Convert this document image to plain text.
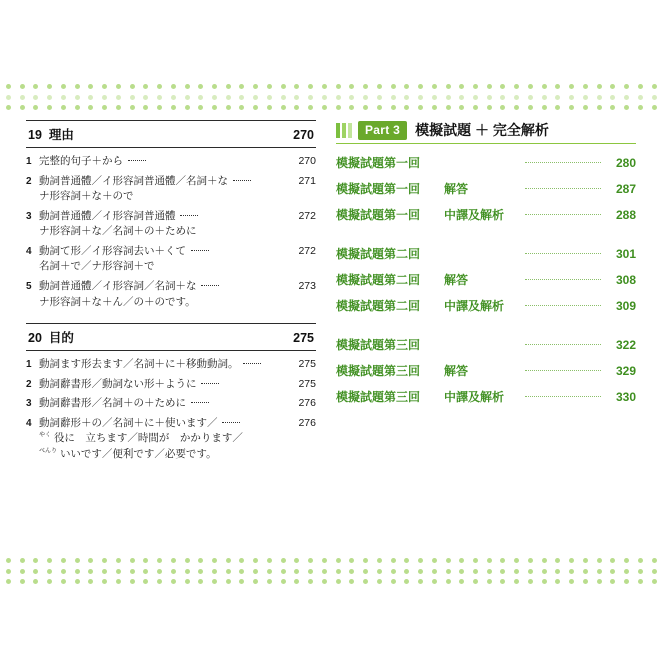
19 理由	270
1 完整的句子＋から	270
2 動詞普通體／イ形容詞普通體／名詞＋な	271
ナ形容詞＋な＋ので
3 動詞普通體／イ形容詞普通體	272
ナ形容詞＋な／名詞＋の＋ために
4 動詞て形／イ形容詞去い＋くて	272
名詞＋で／ナ形容詞＋で
5 動詞普通體／イ形容詞／名詞＋な	273
ナ形容詞＋な＋ん／の＋のです。
20 目的	275
1 動詞ます形去ます／名詞＋に＋移動動詞。	275
2 動詞辭書形／動詞ない形＋ように	275
3 動詞辭書形／名詞＋の＋ために	276
4 動詞辭形＋の／名詞＋に＋使います／	276
$^{やく}$ 役に　立ちます／時間が　かかります／
$^{べんり}$ いいです／便利です／必要です。
Part 3	模擬試題 ＋ 完全解析
模擬試題第一回	280
模擬試題第一回	解答	287
模擬試題第一回	中譯及解析	288
模擬試題第二回	301
模擬試題第二回	解答	308
模擬試題第二回	中譯及解析	309
模擬試題第三回	322
模擬試題第三回	解答	329
模擬試題第三回	中譯及解析	330
